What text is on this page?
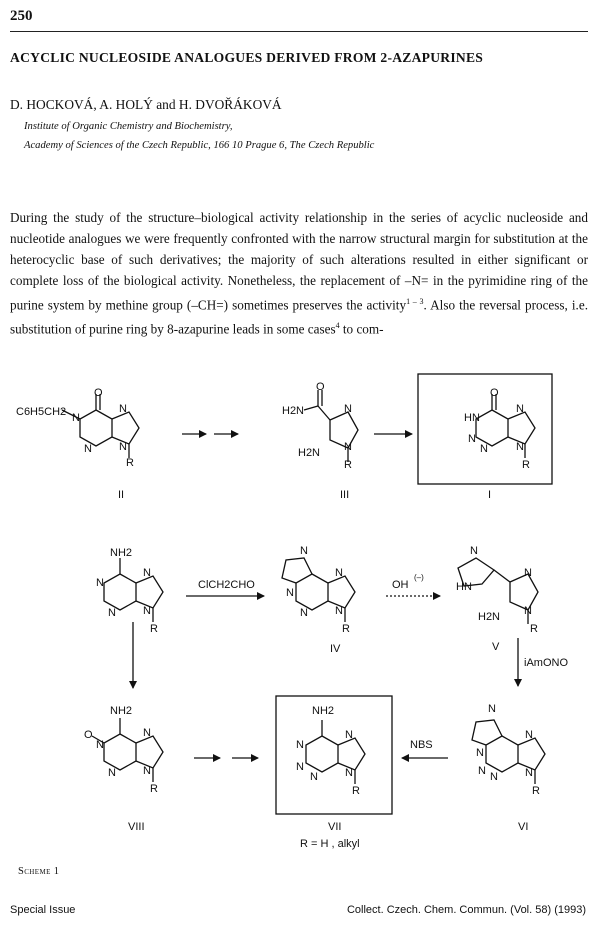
250
ACYCLIC NUCLEOSIDE ANALOGUES DERIVED FROM 2-AZAPURINES
D. HOCKOVÁ, A. HOLÝ and H. DVOŘÁKOVÁ
Institute of Organic Chemistry and Biochemistry,
Academy of Sciences of the Czech Republic, 166 10 Prague 6, The Czech Republic
During the study of the structure–biological activity relationship in the series of acyclic nucleoside and nucleotide analogues we were frequently confronted with the narrow structural margin for substitution at the heterocyclic base of such derivatives; the majority of such alterations resulted in either significant or complete loss of the biological activity. Nonetheless, the replacement of –N= in the pyrimidine ring of the purine system by methine group (–CH=) sometimes preserves the activity$^{1 - 3}$. Also the reversal process, i.e. substitution of purine ring by 8-azapurine leads in some cases$^4$ to com-
C6H5CH2
O
N
N
N N
R
O
H2N	N
H2N N
R
O
HN
N
N
N	N
R
NH2
N
N
N N
R
N
N
N
N N
R
N
HN
N
H2N N
R
NH2
O
N
N
N N
R
NH2
N
N
N
N
N
R
N
N
N N
N
N
R
ClCH2CHO	OH
(–)
iAmONO
NBS
II	III	I
IV	V
VI
VIII	VII
R = H , alkyl
Scheme 1
Special Issue	Collect. Czech. Chem. Commun. (Vol. 58) (1993)
